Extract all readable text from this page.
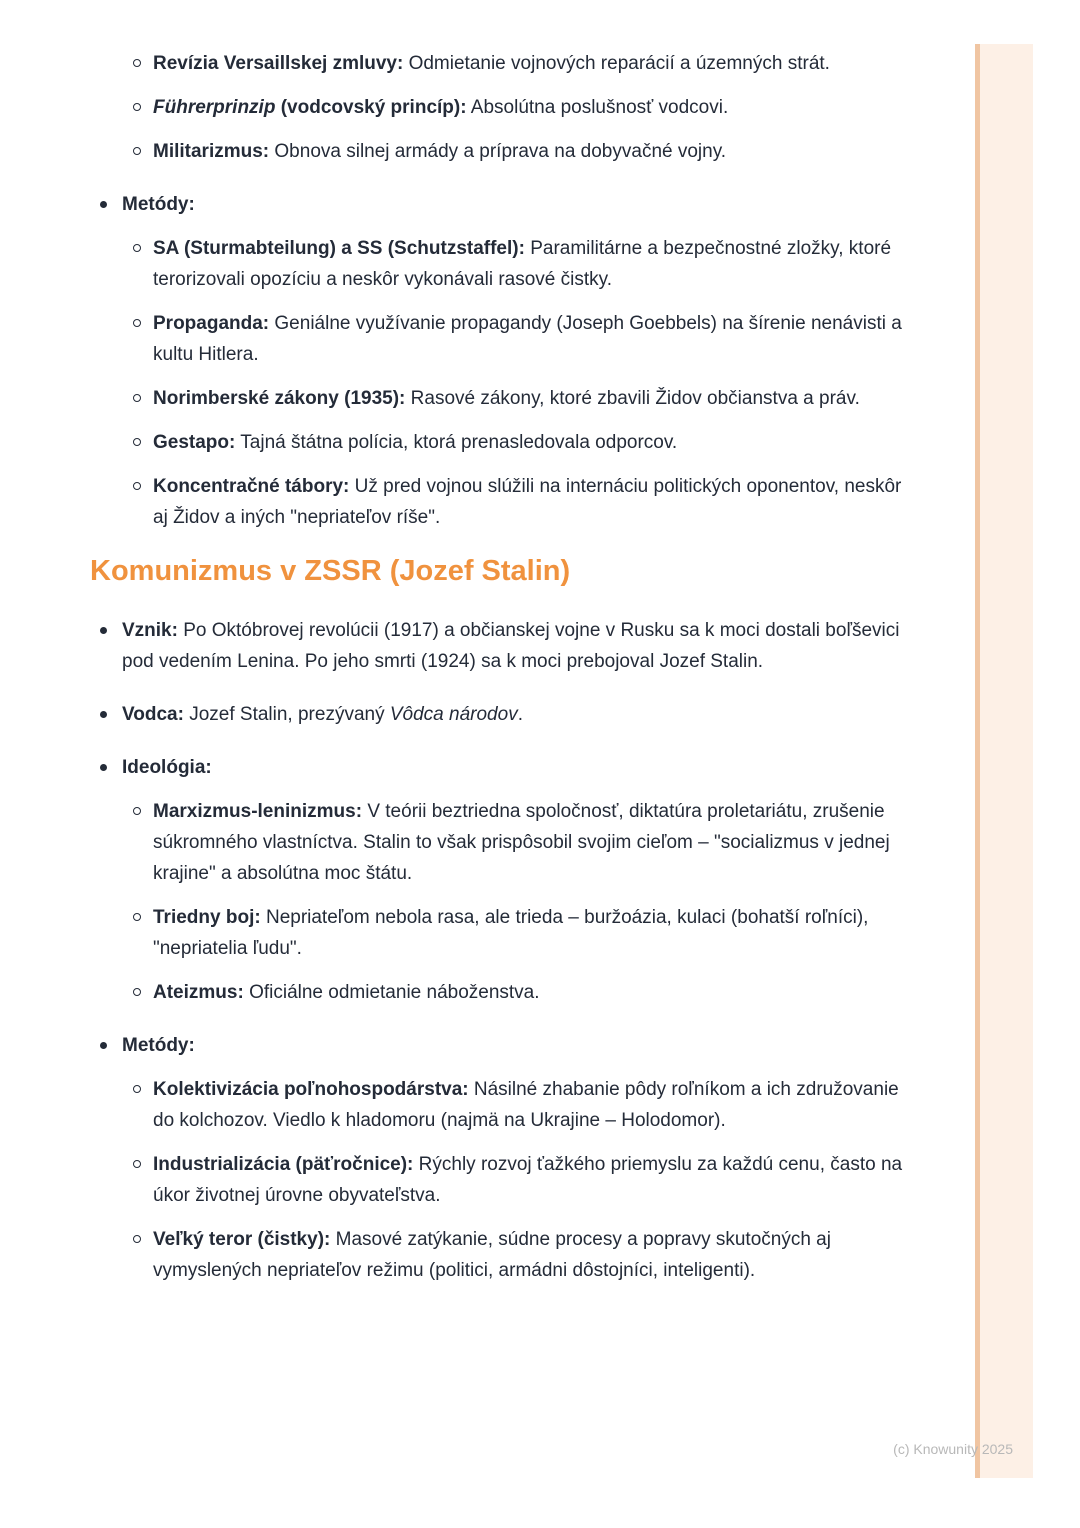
Revízia Versaillskej zmluvy: Odmietanie vojnových reparácií a územných strát.

Führerprinzip (vodcovský princíp): Absolútna poslušnosť vodcovi.

Militarizmus: Obnova silnej armády a príprava na dobyvačné vojny.

Metódy:

SA (Sturmabteilung) a SS (Schutzstaffel): Paramilitárne a bezpečnostné zložky, ktoré terorizovali opozíciu a neskôr vykonávali rasové čistky.

Propaganda: Geniálne využívanie propagandy (Joseph Goebbels) na šírenie nenávisti a kultu Hitlera.

Norimberské zákony (1935): Rasové zákony, ktoré zbavili Židov občianstva a práv.

Gestapo: Tajná štátna polícia, ktorá prenasledovala odporcov.

Koncentračné tábory: Už pred vojnou slúžili na internáciu politických oponentov, neskôr aj Židov a iných "nepriateľov ríše".

Komunizmus v ZSSR (Jozef Stalin)

Vznik: Po Októbrovej revolúcii (1917) a občianskej vojne v Rusku sa k moci dostali boľševici pod vedením Lenina. Po jeho smrti (1924) sa k moci prebojoval Jozef Stalin.

Vodca: Jozef Stalin, prezývaný Vôdca národov.

Ideológia:

Marxizmus-leninizmus: V teórii beztriedna spoločnosť, diktatúra proletariátu, zrušenie súkromného vlastníctva. Stalin to však prispôsobil svojim cieľom – "socializmus v jednej krajine" a absolútna moc štátu.

Triedny boj: Nepriateľom nebola rasa, ale trieda – buržoázia, kulaci (bohatší roľníci), "nepriatelia ľudu".

Ateizmus: Oficiálne odmietanie náboženstva.

Metódy:

Kolektivizácia poľnohospodárstva: Násilné zhabanie pôdy roľníkom a ich združovanie do kolchozov. Viedlo k hladomoru (najmä na Ukrajine – Holodomor).

Industrializácia (päťročnice): Rýchly rozvoj ťažkého priemyslu za každú cenu, často na úkor životnej úrovne obyvateľstva.

Veľký teror (čistky): Masové zatýkanie, súdne procesy a popravy skutočných aj vymyslených nepriateľov režimu (politici, armádni dôstojníci, inteligenti).

(c) Knowunity 2025
